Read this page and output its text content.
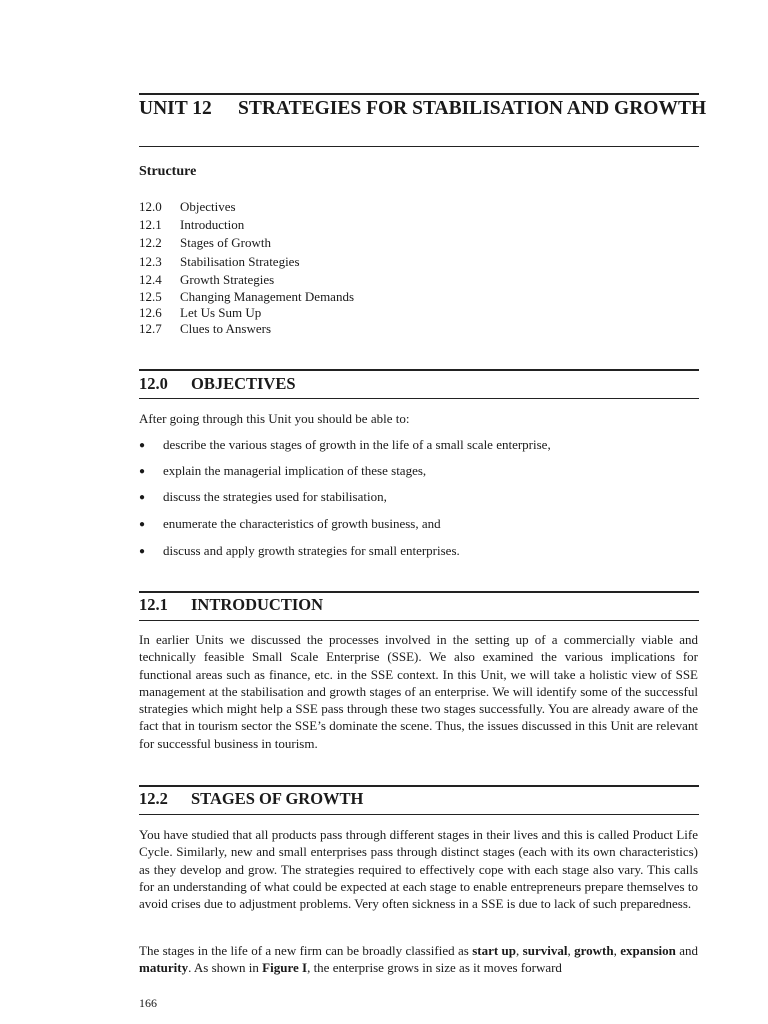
UNIT 12 STRATEGIES FOR STABILISATION AND GROWTH
Structure
12.0 Objectives
12.1 Introduction
12.2 Stages of Growth
12.3 Stabilisation Strategies
12.4 Growth Strategies
12.5 Changing Management Demands
12.6 Let Us Sum Up
12.7 Clues to Answers
12.0 OBJECTIVES
After going through this Unit you should be able to:
● describe the various stages of growth in the life of a small scale enterprise,
● explain the managerial implication of these stages,
● discuss the strategies used for stabilisation,
● enumerate the characteristics of growth business, and
● discuss and apply growth strategies for small enterprises.
12.1 INTRODUCTION
In earlier Units we discussed the processes involved in the setting up of a commercially viable and technically feasible Small Scale Enterprise (SSE). We also examined the various implications for functional areas such as finance, etc. in the SSE context. In this Unit, we will take a holistic view of SSE management at the stabilisation and growth stages of an enterprise. We will identify some of the successful strategies which might help a SSE pass through these two stages successfully. You are already aware of the fact that in tourism sector the SSE’s dominate the scene. Thus, the issues discussed in this Unit are relevant for successful business in tourism.
12.2 STAGES OF GROWTH
You have studied that all products pass through different stages in their lives and this is called Product Life Cycle. Similarly, new and small enterprises pass through distinct stages (each with its own characteristics) as they develop and grow. The strategies required to effectively cope with each stage also vary. This calls for an understanding of what could be expected at each stage to enable entrepreneurs prepare themselves to avoid crises due to adjustment problems. Very often sickness in a SSE is due to lack of such preparedness.
The stages in the life of a new firm can be broadly classified as start up, survival, growth, expansion and maturity. As shown in Figure I, the enterprise grows in size as it moves forward
166
